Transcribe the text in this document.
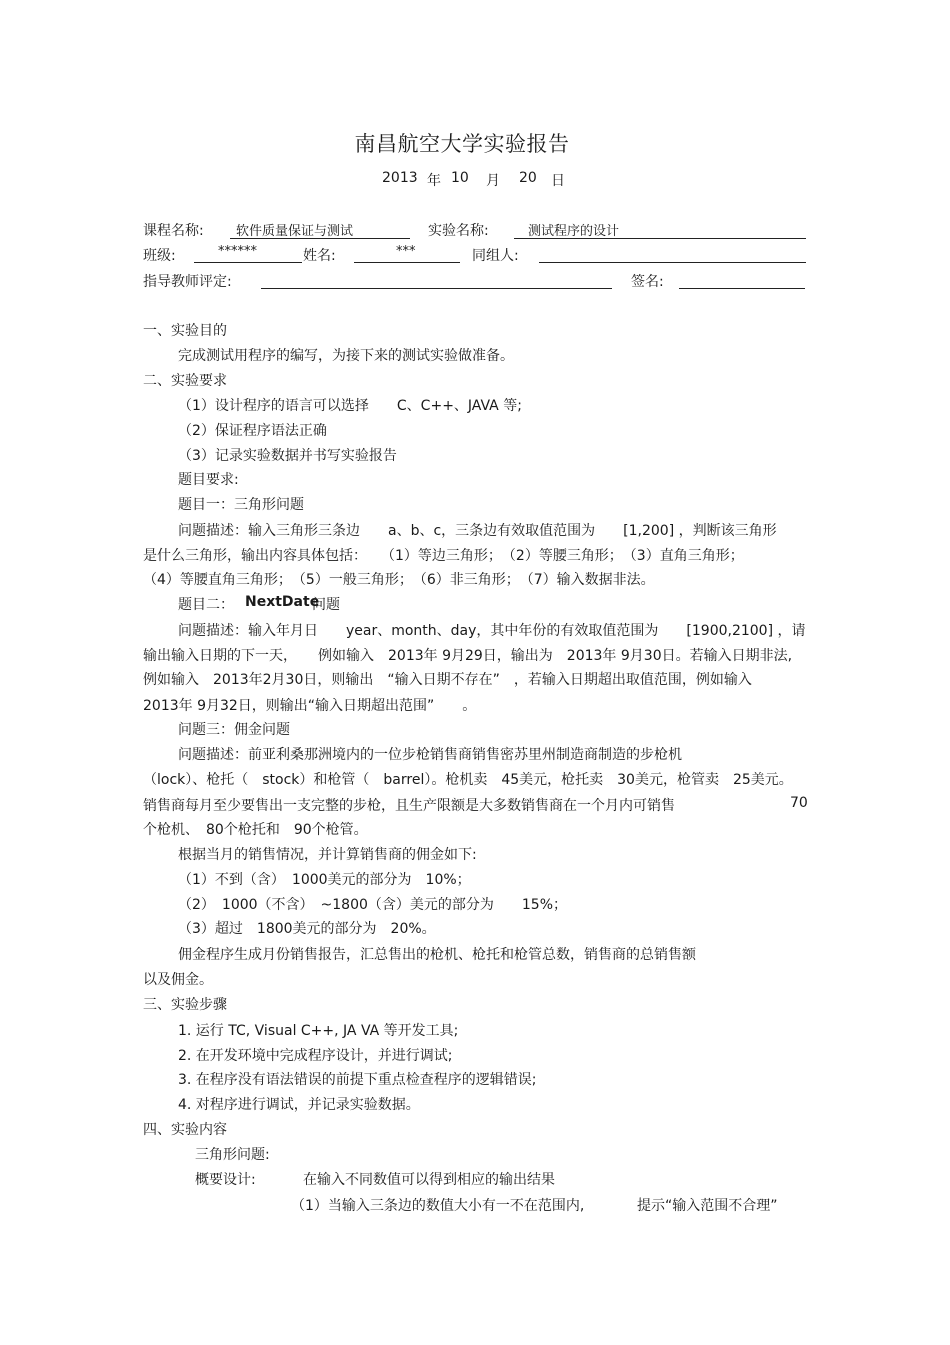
南昌航空大学实验报告
2013 年 10 月 20 日
课程名称: 软件质量保证与测试	实验名称:	测试程序的设计
班级:	******	姓名:	***	同组人:
指导教师评定:	签名:
一、实验目的
完成测试用程序的编写，为接下来的测试实验做准备。
二、实验要求
（1）设计程序的语言可以选择　　C、C++、JAVA 等;
（2）保证程序语法正确
（3）记录实验数据并书写实验报告
题目要求:
题目一：三角形问题
问题描述：输入三角形三条边　　a、b、c，三条边有效取值范围为　　[1,200] ，判断该三角形
是什么三角形，输出内容具体包括：　　（1）等边三角形；　（2）等腰三角形；　（3）直角三角形；
（4）等腰直角三角形；　（5）一般三角形；　（6）非三角形；　（7）输入数据非法。
题目二： NextDate
问题
问题描述：输入年月日　　year、month、day，其中年份的有效取值范围为　　[1900,2100] ，请
输出输入日期的下一天，　　例如输入　2013年 9月29日，输出为　2013年 9月30日。若输入日期非法,
例如输入　2013年2月30日，则输出　“输入日期不存在”　，若输入日期超出取值范围，例如输入
2013年 9月32日，则输出“输入日期超出范围”　　。
问题三：佣金问题
问题描述：前亚利桑那洲境内的一位步枪销售商销售密苏里州制造商制造的步枪机
（lock）、枪托（　stock）和枪管（　barrel）。枪机卖　45美元，枪托卖　30美元，枪管卖　25美元。
销售商每月至少要售出一支完整的步枪，且生产限额是大多数销售商在一个月内可销售	70
个枪机、　80个枪托和　90个枪管。
根据当月的销售情况，并计算销售商的佣金如下:
（1）不到（含）　1000美元的部分为　10%；
（2）　1000（不含）　~1800（含）美元的部分为　　15%；
（3）超过　1800美元的部分为　20%。
佣金程序生成月份销售报告，汇总售出的枪机、枪托和枪管总数，销售商的总销售额
以及佣金。
三、实验步骤
1. 运行 TC, Visual C++, JA VA 等开发工具;
2. 在开发环境中完成程序设计，并进行调试;
3. 在程序没有语法错误的前提下重点检查程序的逻辑错误;
4. 对程序进行调试，并记录实验数据。
四、实验内容
三角形问题:
概要设计:	在输入不同数值可以得到相应的输出结果
（1）当输入三条边的数值大小有一不在范围内,	提示“输入范围不合理”
